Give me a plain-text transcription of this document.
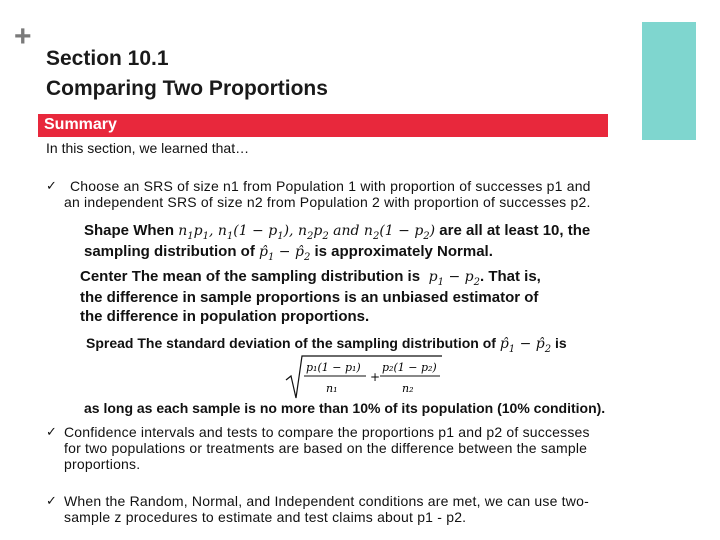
+
Section 10.1
Comparing Two Proportions
Summary
In this section, we learned that…
✓ Choose an SRS of size n1 from Population 1 with proportion of successes p1 and
an independent SRS of size n2 from Population 2 with proportion of successes p2.
Shape When $n_1p_1$, $n_1(1 - p_1)$, $n_2p_2$ and $n_2(1 - p_2)$ are all at least 10, the
sampling distribution of $p̂_1$ − $p̂_2$ is approximately Normal.
Center The mean of the sampling distribution is  $p_1 - p_2$. That is,
the difference in sample proportions is an unbiased estimator of
the difference in population proportions.
Spread The standard deviation of the sampling distribution of $p̂_1$ − $p̂_2$ is
p₁(1 − p₁)
n₁
+
p₂(1 − p₂)
n₂
as long as each sample is no more than 10% of its population (10% condition).
✓ Confidence intervals and tests to compare the proportions p1 and p2 of successes
for two populations or treatments are based on the difference between the sample
proportions.
✓ When the Random, Normal, and Independent conditions are met, we can use two-
sample z procedures to estimate and test claims about p1 - p2.
